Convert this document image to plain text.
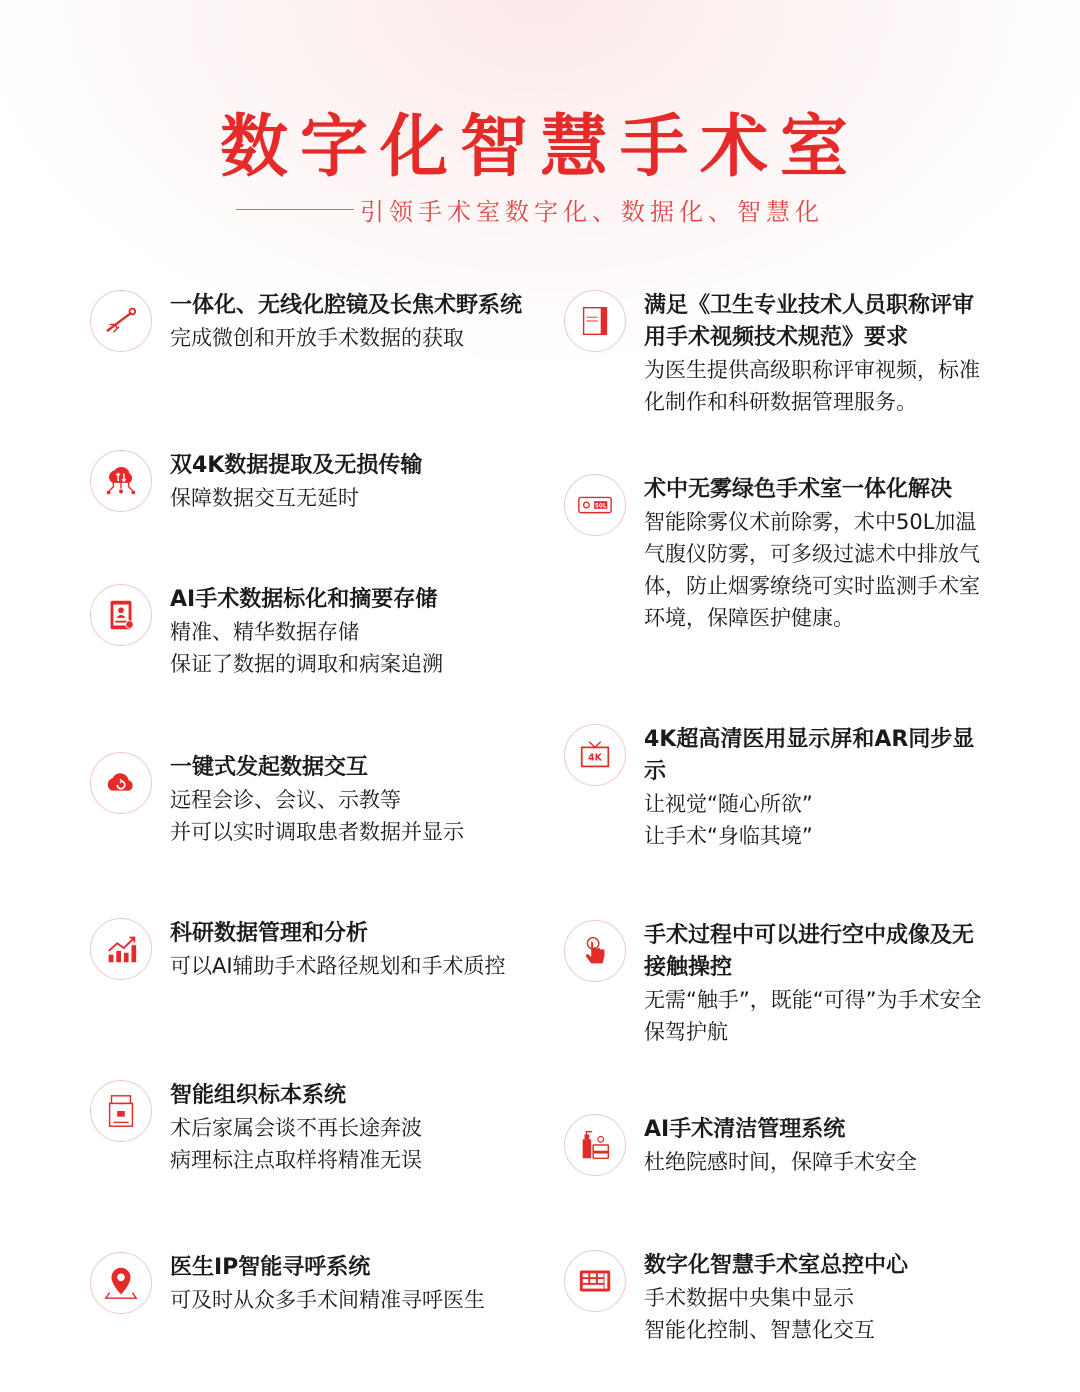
数字化智慧手术室
引领手术室数字化、数据化、智慧化

一体化、无线化腔镜及长焦术野系统

完成微创和开放手术数据的获取

双4K数据提取及无损传输

保障数据交互无延时

AI手术数据标化和摘要存储

精准、精华数据存储
保证了数据的调取和病案追溯

一键式发起数据交互

远程会诊、会议、示教等
并可以实时调取患者数据并显示

科研数据管理和分析

可以AI辅助手术路径规划和手术质控

智能组织标本系统

术后家属会谈不再长途奔波
病理标注点取样将精准无误

医生IP智能寻呼系统

可及时从众多手术间精准寻呼医生

满足《卫生专业技术人员职称评审用手术视频技术规范》要求

为医生提供高级职称评审视频，标准化制作和科研数据管理服务。

50L

术中无雾绿色手术室一体化解决

智能除雾仪术前除雾，术中50L加温气腹仪防雾，可多级过滤术中排放气体，防止烟雾缭绕可实时监测手术室环境，保障医护健康。

4K

4K超高清医用显示屏和AR同步显示

让视觉“随心所欲”
让手术“身临其境”

手术过程中可以进行空中成像及无接触操控

无需“触手”，既能“可得”为手术安全保驾护航

AI手术清洁管理系统

杜绝院感时间，保障手术安全

数字化智慧手术室总控中心

手术数据中央集中显示
智能化控制、智慧化交互
